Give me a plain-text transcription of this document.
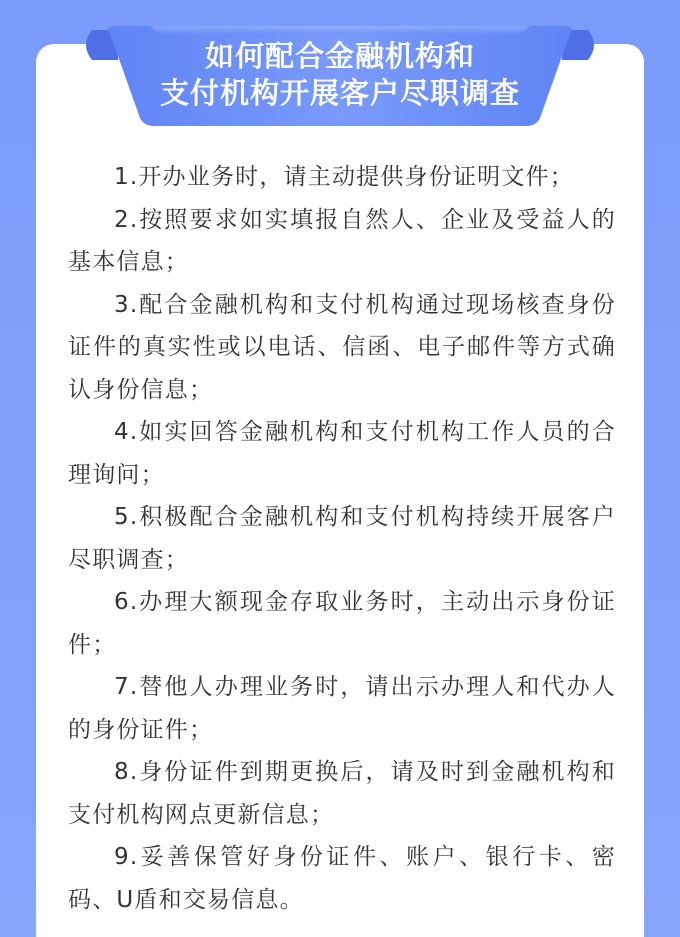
如何配合金融机构和
支付机构开展客户尽职调查

1.开办业务时，请主动提供身份证明文件；

2.按照要求如实填报自然人、企业及受益人的基本信息；

3.配合金融机构和支付机构通过现场核查身份证件的真实性或以电话、信函、电子邮件等方式确认身份信息；

4.如实回答金融机构和支付机构工作人员的合理询问；

5.积极配合金融机构和支付机构持续开展客户尽职调查；

6.办理大额现金存取业务时，主动出示身份证件；

7.替他人办理业务时，请出示办理人和代办人的身份证件；

8.身份证件到期更换后，请及时到金融机构和支付机构网点更新信息；

9.妥善保管好身份证件、账户、银行卡、密码、U盾和交易信息。
